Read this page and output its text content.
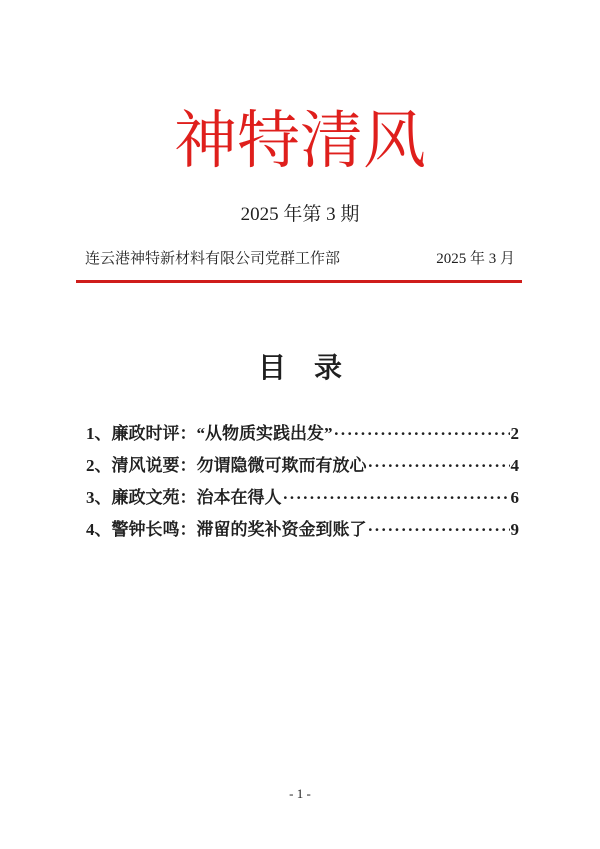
神特清风
2025 年第 3 期
连云港神特新材料有限公司党群工作部	2025 年 3 月
目　录
1、廉政时评：“从物质实践出发” ·····	2
2、清风说要：勿谓隐微可欺而有放心 ·····	4
3、廉政文苑：治本在得人 ·····	6
4、警钟长鸣：滞留的奖补资金到账了 ·····	9
- 1 -
